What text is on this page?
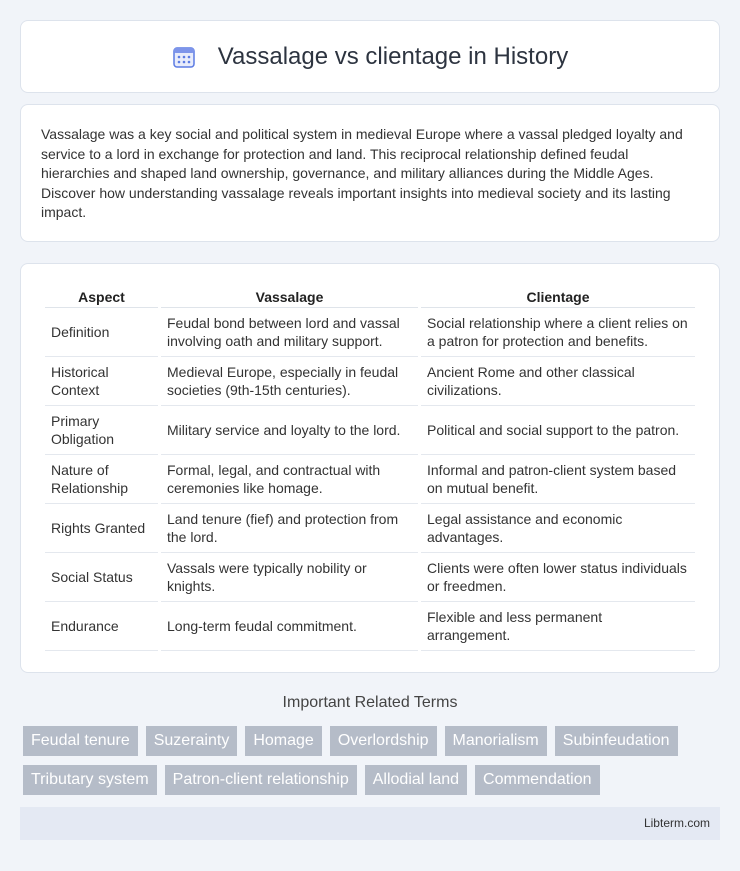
Vassalage vs clientage in History

Vassalage was a key social and political system in medieval Europe where a vassal pledged loyalty and service to a lord in exchange for protection and land. This reciprocal relationship defined feudal hierarchies and shaped land ownership, governance, and military alliances during the Middle Ages. Discover how understanding vassalage reveals important insights into medieval society and its lasting impact.

Aspect	Vassalage	Clientage
Definition	Feudal bond between lord and vassal involving oath and military support.	Social relationship where a client relies on a patron for protection and benefits.
Historical Context	Medieval Europe, especially in feudal societies (9th-15th centuries).	Ancient Rome and other classical civilizations.
Primary Obligation	Military service and loyalty to the lord.	Political and social support to the patron.
Nature of Relationship	Formal, legal, and contractual with ceremonies like homage.	Informal and patron-client system based on mutual benefit.
Rights Granted	Land tenure (fief) and protection from the lord.	Legal assistance and economic advantages.
Social Status	Vassals were typically nobility or knights.	Clients were often lower status individuals or freedmen.
Endurance	Long-term feudal commitment.	Flexible and less permanent arrangement.
Important Related Terms
Feudal tenure	Suzerainty	Homage	Overlordship	Manorialism	Subinfeudation
Tributary system	Patron-client relationship	Allodial land	Commendation
Libterm.com
